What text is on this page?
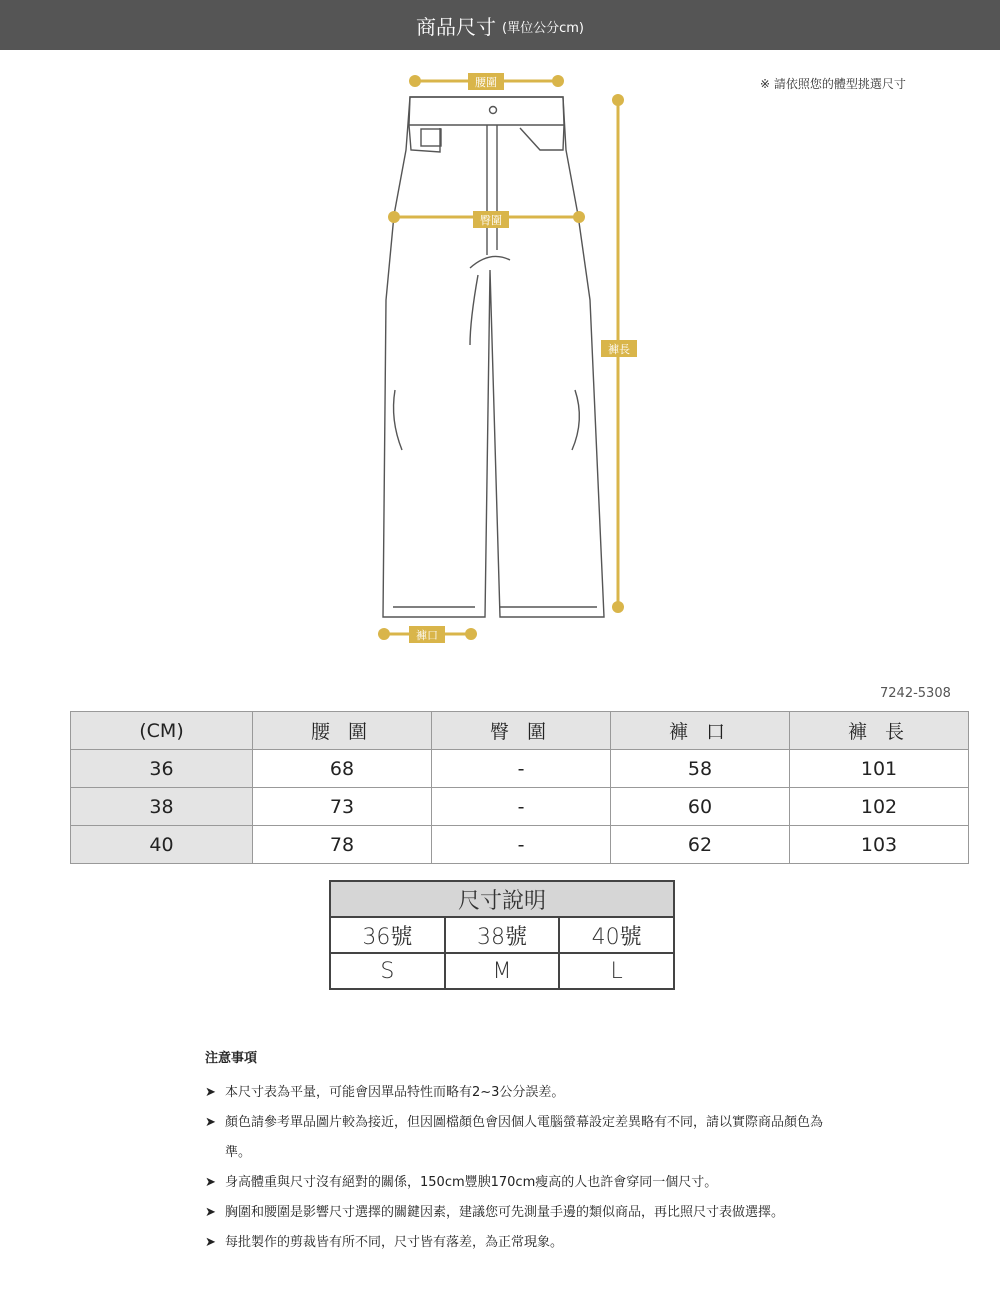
商品尺寸 (單位公分cm)
※ 請依照您的體型挑選尺寸
腰圍
臀圍
褲長
褲口
7242-5308
(CM)	腰 圍	臀 圍	褲 口	褲 長
36	68	-	58	101
38	73	-	60	102
40	78	-	62	103
尺寸說明		
36號	38號	40號
S	M	L
注意事項
➤ 本尺寸表為平量，可能會因單品特性而略有2~3公分誤差。
➤ 顏色請參考單品圖片較為接近，但因圖檔顏色會因個人電腦螢幕設定差異略有不同，請以實際商品顏色為準。
➤ 身高體重與尺寸沒有絕對的關係，150cm豐腴170cm瘦高的人也許會穿同一個尺寸。
➤ 胸圍和腰圍是影響尺寸選擇的關鍵因素，建議您可先測量手邊的類似商品，再比照尺寸表做選擇。
➤ 每批製作的剪裁皆有所不同，尺寸皆有落差，為正常現象。
